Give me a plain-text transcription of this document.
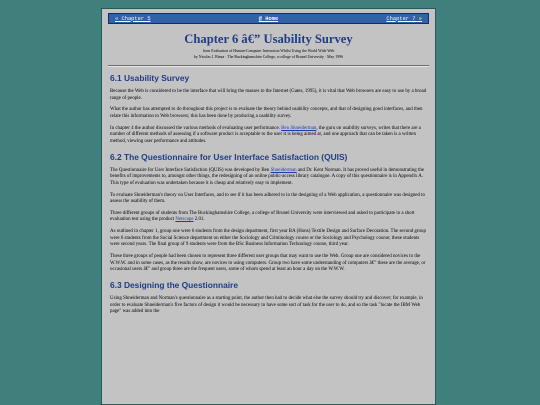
« Chapter 5	@ Home	Chapter 7 »
Chapter 6 â€” Usability Survey
from Evaluation of Human-Computer Interaction Whilst Using the World Wide Web
by Nicolas J. Binza · The Buckinghamshire College, a college of Brunel University · May 1996
6.1 Usability Survey

Because the Web is considered to be the interface that will bring the masses to the Internet (Gates, 1995), it is vital that Web browsers are easy to use by a broad range of people.

What the author has attempted to do throughout this project is to evaluate the theory behind usability concepts, and that of designing good interfaces, and then relate this information to Web browsers; this has been done by producing a usability survey.

In chapter 4 the author discussed the various methods of evaluating user performance. Ben Shneiderman, the guru on usability surveys, writes that there are a number of different methods of assessing if a software product is acceptable to the user it is being aimed at, and one approach that can be taken is a written method, viewing user performance and attitudes.

6.2 The Questionnaire for User Interface Satisfaction (QUIS)

The Questionnaire for User Interface Satisfaction (QUIS) was developed by Ben Shneiderman and Dr. Kent Norman. It has proved useful in demonstrating the benefits of improvements to, amongst other things, the redesigning of an online public-access library catalogue. A copy of this questionnaire is in Appendix A. This type of evaluation was undertaken because it is cheap and relatively easy to implement.

To evaluate Shneiderman's theory on User Interfaces, and to see if it has been adhered to in the designing of a Web application, a questionnaire was designed to assess the usability of them.

Three different groups of students from The Buckinghamshire College, a college of Brunel University were interviewed and asked to participate in a short evaluation test using the product Netscape 2.01.

As outlined in chapter 1, group one were 6 students from the design department, first year BA (Hons) Textile Design and Surface Decoration. The second group were 6 students from the Social Science department on either the Sociology and Criminology course or the Sociology and Psychology course; these students were second years. The final group of 9 students were from the BSc Business Information Technology course, third year.

These three groups of people had been chosen to represent three different user groups that may want to use the Web. Group one are considered novices to the W.W.W. and in some cases, as the results show, are novices to using computers. Group two have some understanding of computers â€” these are the average, or occasional users â€” and group three are the frequent users, some of whom spend at least an hour a day on the W.W.W.

6.3 Designing the Questionnaire

Using Shneiderman and Norman's questionnaire as a starting point, the author then had to decide what else the survey should try and discover; for example, in order to evaluate Shneiderman's five factors of design it would be necessary to have some sort of task for the user to do, and so the task "locate the IBM Web page" was added into the
